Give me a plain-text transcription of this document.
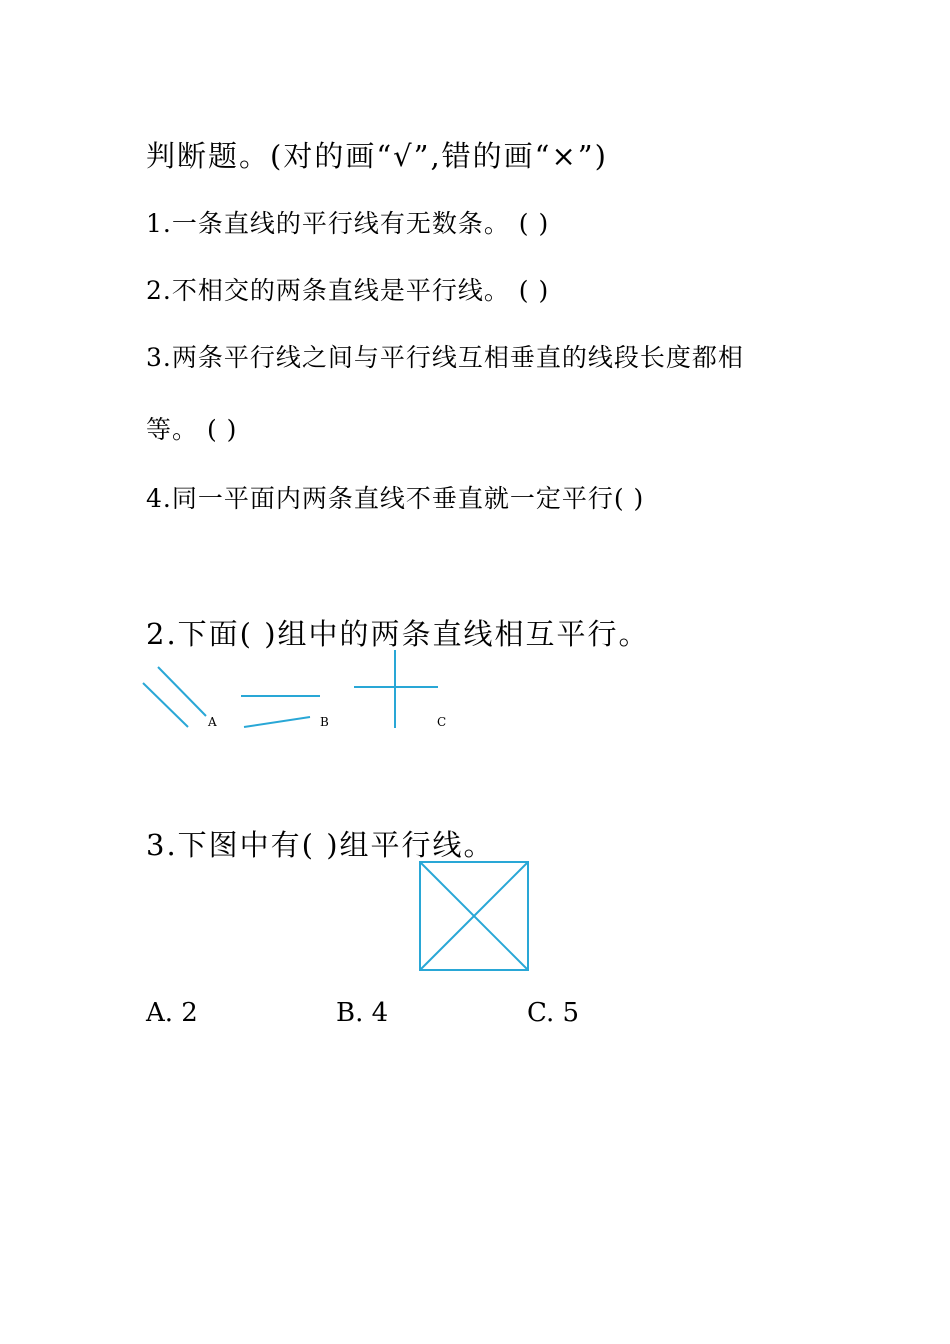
判断题。(对的画“√”,错的画“×”)
1.一条直线的平行线有无数条。 ( )
2.不相交的两条直线是平行线。 ( )
3.两条平行线之间与平行线互相垂直的线段长度都相
等。 ( )
4.同一平面内两条直线不垂直就一定平行( )
2.下面( )组中的两条直线相互平行。
A	B	C
3.下图中有( )组平行线。
A. 2	B. 4	C. 5
